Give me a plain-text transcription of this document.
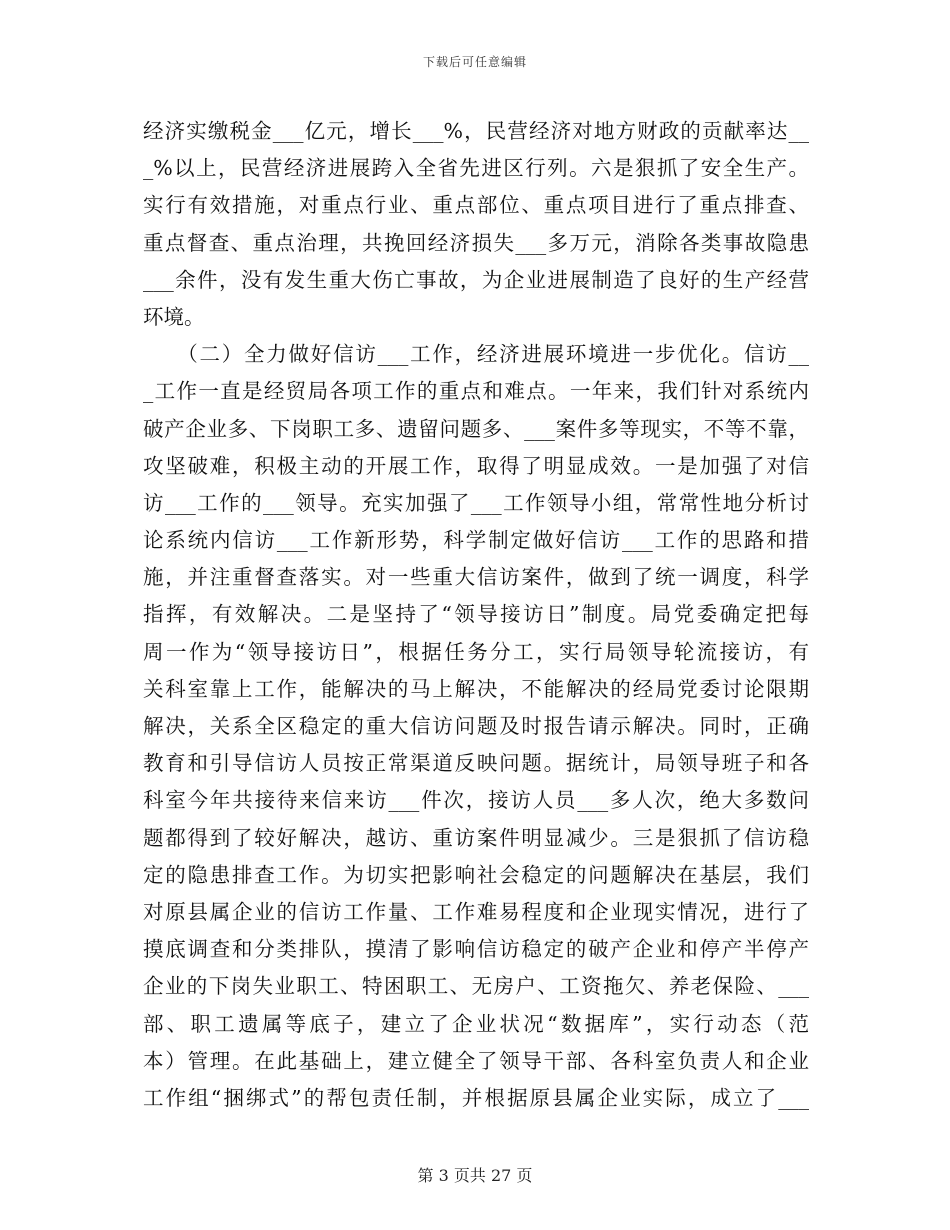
下载后可任意编辑
经济实缴税金___亿元，增长___%，民营经济对地方财政的贡献率达__
_%以上，民营经济进展跨入全省先进区行列。六是狠抓了安全生产。
实行有效措施，对重点行业、重点部位、重点项目进行了重点排查、
重点督查、重点治理，共挽回经济损失___多万元，消除各类事故隐患
___余件，没有发生重大伤亡事故，为企业进展制造了良好的生产经营
环境。
　　（二）全力做好信访___工作，经济进展环境进一步优化。信访__
_工作一直是经贸局各项工作的重点和难点。一年来，我们针对系统内
破产企业多、下岗职工多、遗留问题多、___案件多等现实，不等不靠，
攻坚破难，积极主动的开展工作，取得了明显成效。一是加强了对信
访___工作的___领导。充实加强了___工作领导小组，常常性地分析讨
论系统内信访___工作新形势，科学制定做好信访___工作的思路和措
施，并注重督查落实。对一些重大信访案件，做到了统一调度，科学
指挥，有效解决。二是坚持了“领导接访日”制度。局党委确定把每
周一作为“领导接访日”，根据任务分工，实行局领导轮流接访，有
关科室靠上工作，能解决的马上解决，不能解决的经局党委讨论限期
解决，关系全区稳定的重大信访问题及时报告请示解决。同时，正确
教育和引导信访人员按正常渠道反映问题。据统计，局领导班子和各
科室今年共接待来信来访___件次，接访人员___多人次，绝大多数问
题都得到了较好解决，越访、重访案件明显减少。三是狠抓了信访稳
定的隐患排查工作。为切实把影响社会稳定的问题解决在基层，我们
对原县属企业的信访工作量、工作难易程度和企业现实情况，进行了
摸底调查和分类排队，摸清了影响信访稳定的破产企业和停产半停产
企业的下岗失业职工、特困职工、无房户、工资拖欠、养老保险、___
部、职工遗属等底子，建立了企业状况“数据库”，实行动态（范
本）管理。在此基础上，建立健全了领导干部、各科室负责人和企业
工作组“捆绑式”的帮包责任制，并根据原县属企业实际，成立了___
第 3 页共 27 页
